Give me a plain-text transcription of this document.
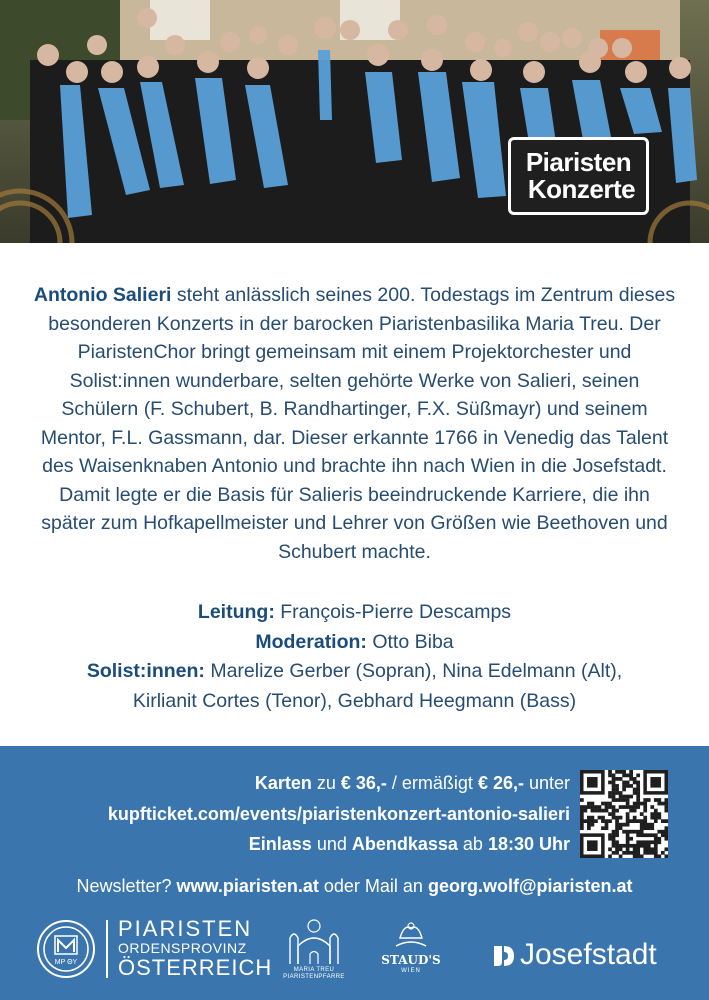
Piaristen
Konzerte
Antonio Salieri steht anlässlich seines 200. Todestags im Zentrum dieses besonderen Konzerts in der barocken Piaristenbasilika Maria Treu. Der PiaristenChor bringt gemeinsam mit einem Projektorchester und Solist:innen wunderbare, selten gehörte Werke von Salieri, seinen Schülern (F. Schubert, B. Randhartinger, F.X. Süßmayr) und seinem Mentor, F.L. Gassmann, dar. Dieser erkannte 1766 in Venedig das Talent des Waisenknaben Antonio und brachte ihn nach Wien in die Josefstadt. Damit legte er die Basis für Salieris beeindruckende Karriere, die ihn später zum Hofkapellmeister und Lehrer von Größen wie Beethoven und Schubert machte.

Leitung: François-Pierre Descamps

Moderation: Otto Biba

Solist:innen: Marelize Gerber (Sopran), Nina Edelmann (Alt),

Kirlianit Cortes (Tenor), Gebhard Heegmann (Bass)

Karten zu € 36,- / ermäßigt € 26,- unter

kupfticket.com/events/piaristenkonzert-antonio-salieri

Einlass und Abendkassa ab 18:30 Uhr

Newsletter? www.piaristen.at oder Mail an georg.wolf@piaristen.at
MP ΘY
PIARISTEN
ORDENSPROVINZ
ÖSTERREICH	MARIA TREU
PIARISTENPFARRE
STAUD'S
WIEN	Josefstadt
